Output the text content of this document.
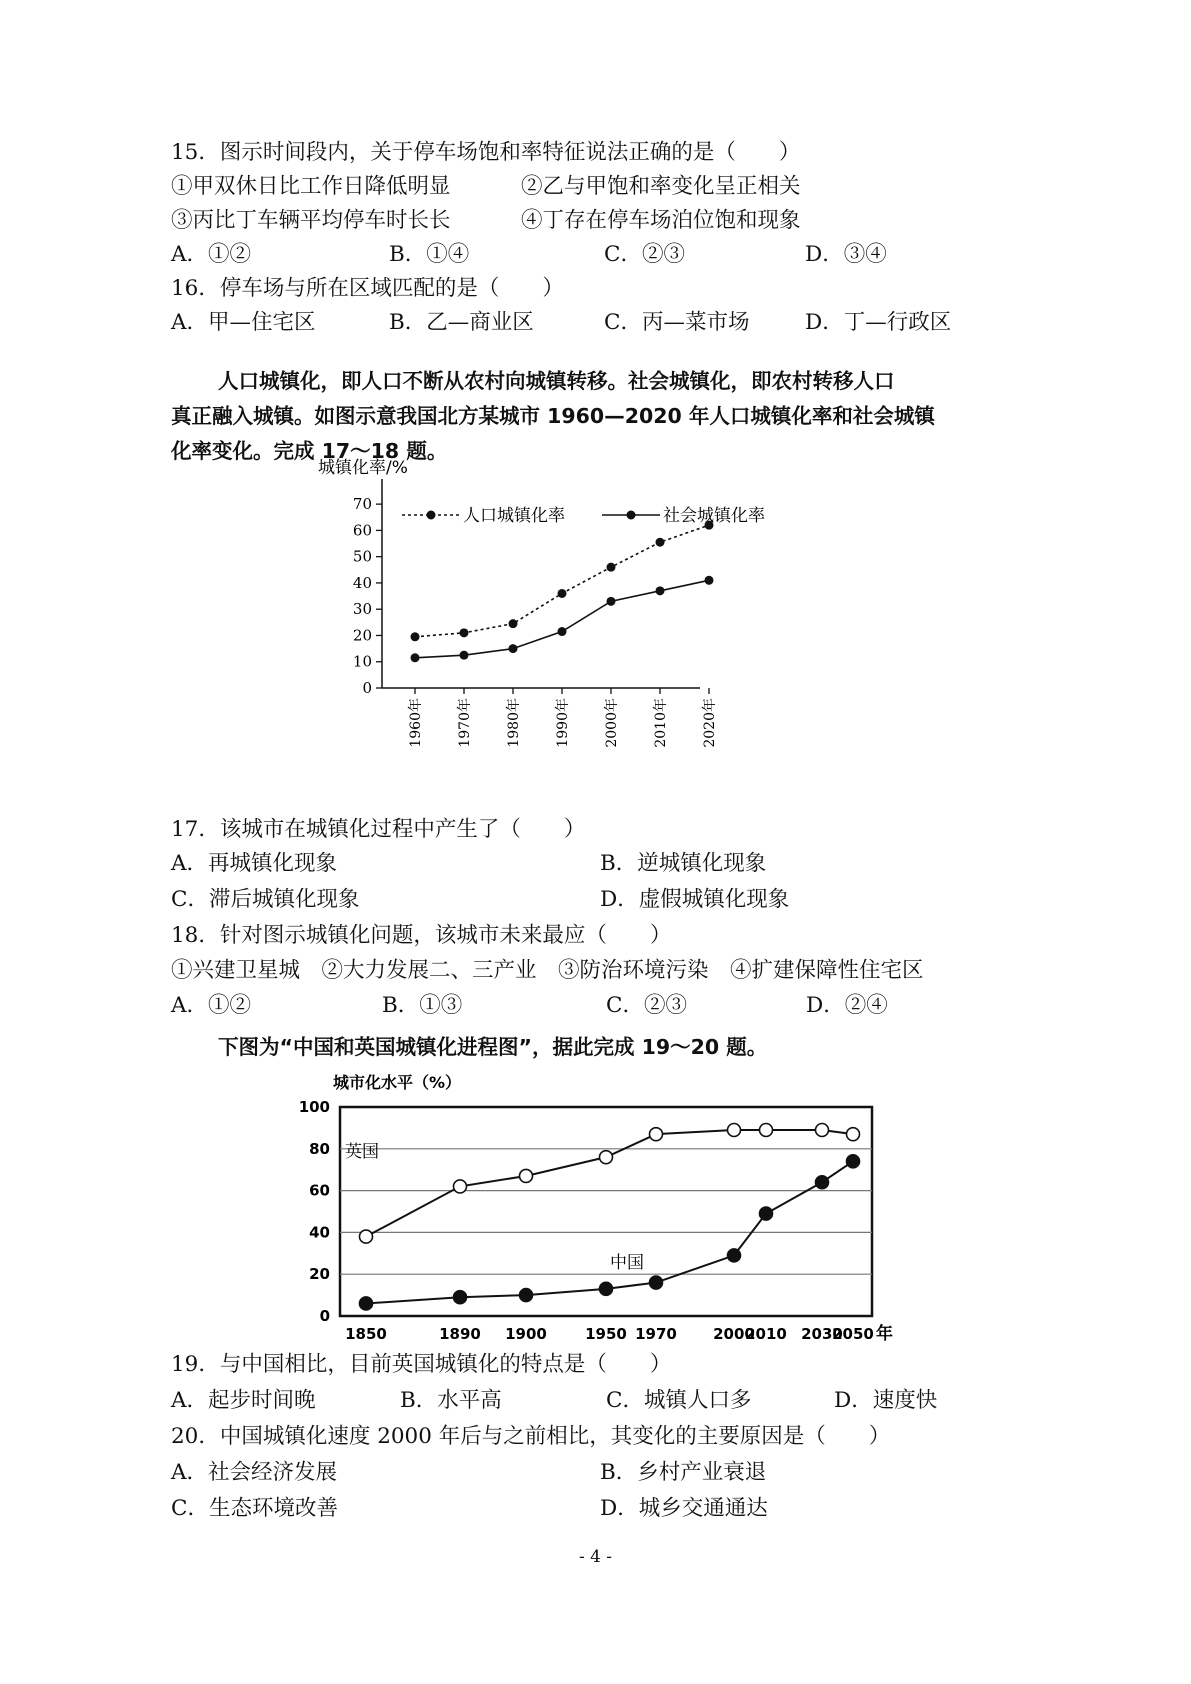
15．图示时间段内，关于停车场饱和率特征说法正确的是（　　）
①甲双休日比工作日降低明显	②乙与甲饱和率变化呈正相关
③丙比丁车辆平均停车时长长	④丁存在停车场泊位饱和现象
A．①②	B．①④	C．②③	D．③④
16．停车场与所在区域匹配的是（　　）
A．甲—住宅区	B．乙—商业区	C．丙—菜市场	D．丁—行政区
人口城镇化，即人口不断从农村向城镇转移。社会城镇化，即农村转移人口
真正融入城镇。如图示意我国北方某城市 1960—2020 年人口城镇化率和社会城镇
化率变化。完成 17～18 题。
城镇化率/%
0
10
20
30
40
50
60
70
1960年 1970年 1980年 1990年 2000年 2010年 2020年
人口城镇化率	社会城镇化率
17．该城市在城镇化过程中产生了（　　）
A．再城镇化现象	B．逆城镇化现象
C．滞后城镇化现象	D．虚假城镇化现象
18．针对图示城镇化问题，该城市未来最应（　　）
①兴建卫星城　②大力发展二、三产业　③防治环境污染　④扩建保障性住宅区
A．①②	B．①③	C．②③	D．②④
下图为“中国和英国城镇化进程图”，据此完成 19～20 题。
城市化水平（%）
0
20
40
60
80
100
1850	1890 1900	1950 1970 2000
2010 2030
2050 年
英国
中国
19．与中国相比，目前英国城镇化的特点是（　　）
A．起步时间晚	B．水平高	C．城镇人口多	D．速度快
20．中国城镇化速度 2000 年后与之前相比，其变化的主要原因是（　　）
A．社会经济发展	B．乡村产业衰退
C．生态环境改善	D．城乡交通通达
- 4 -
